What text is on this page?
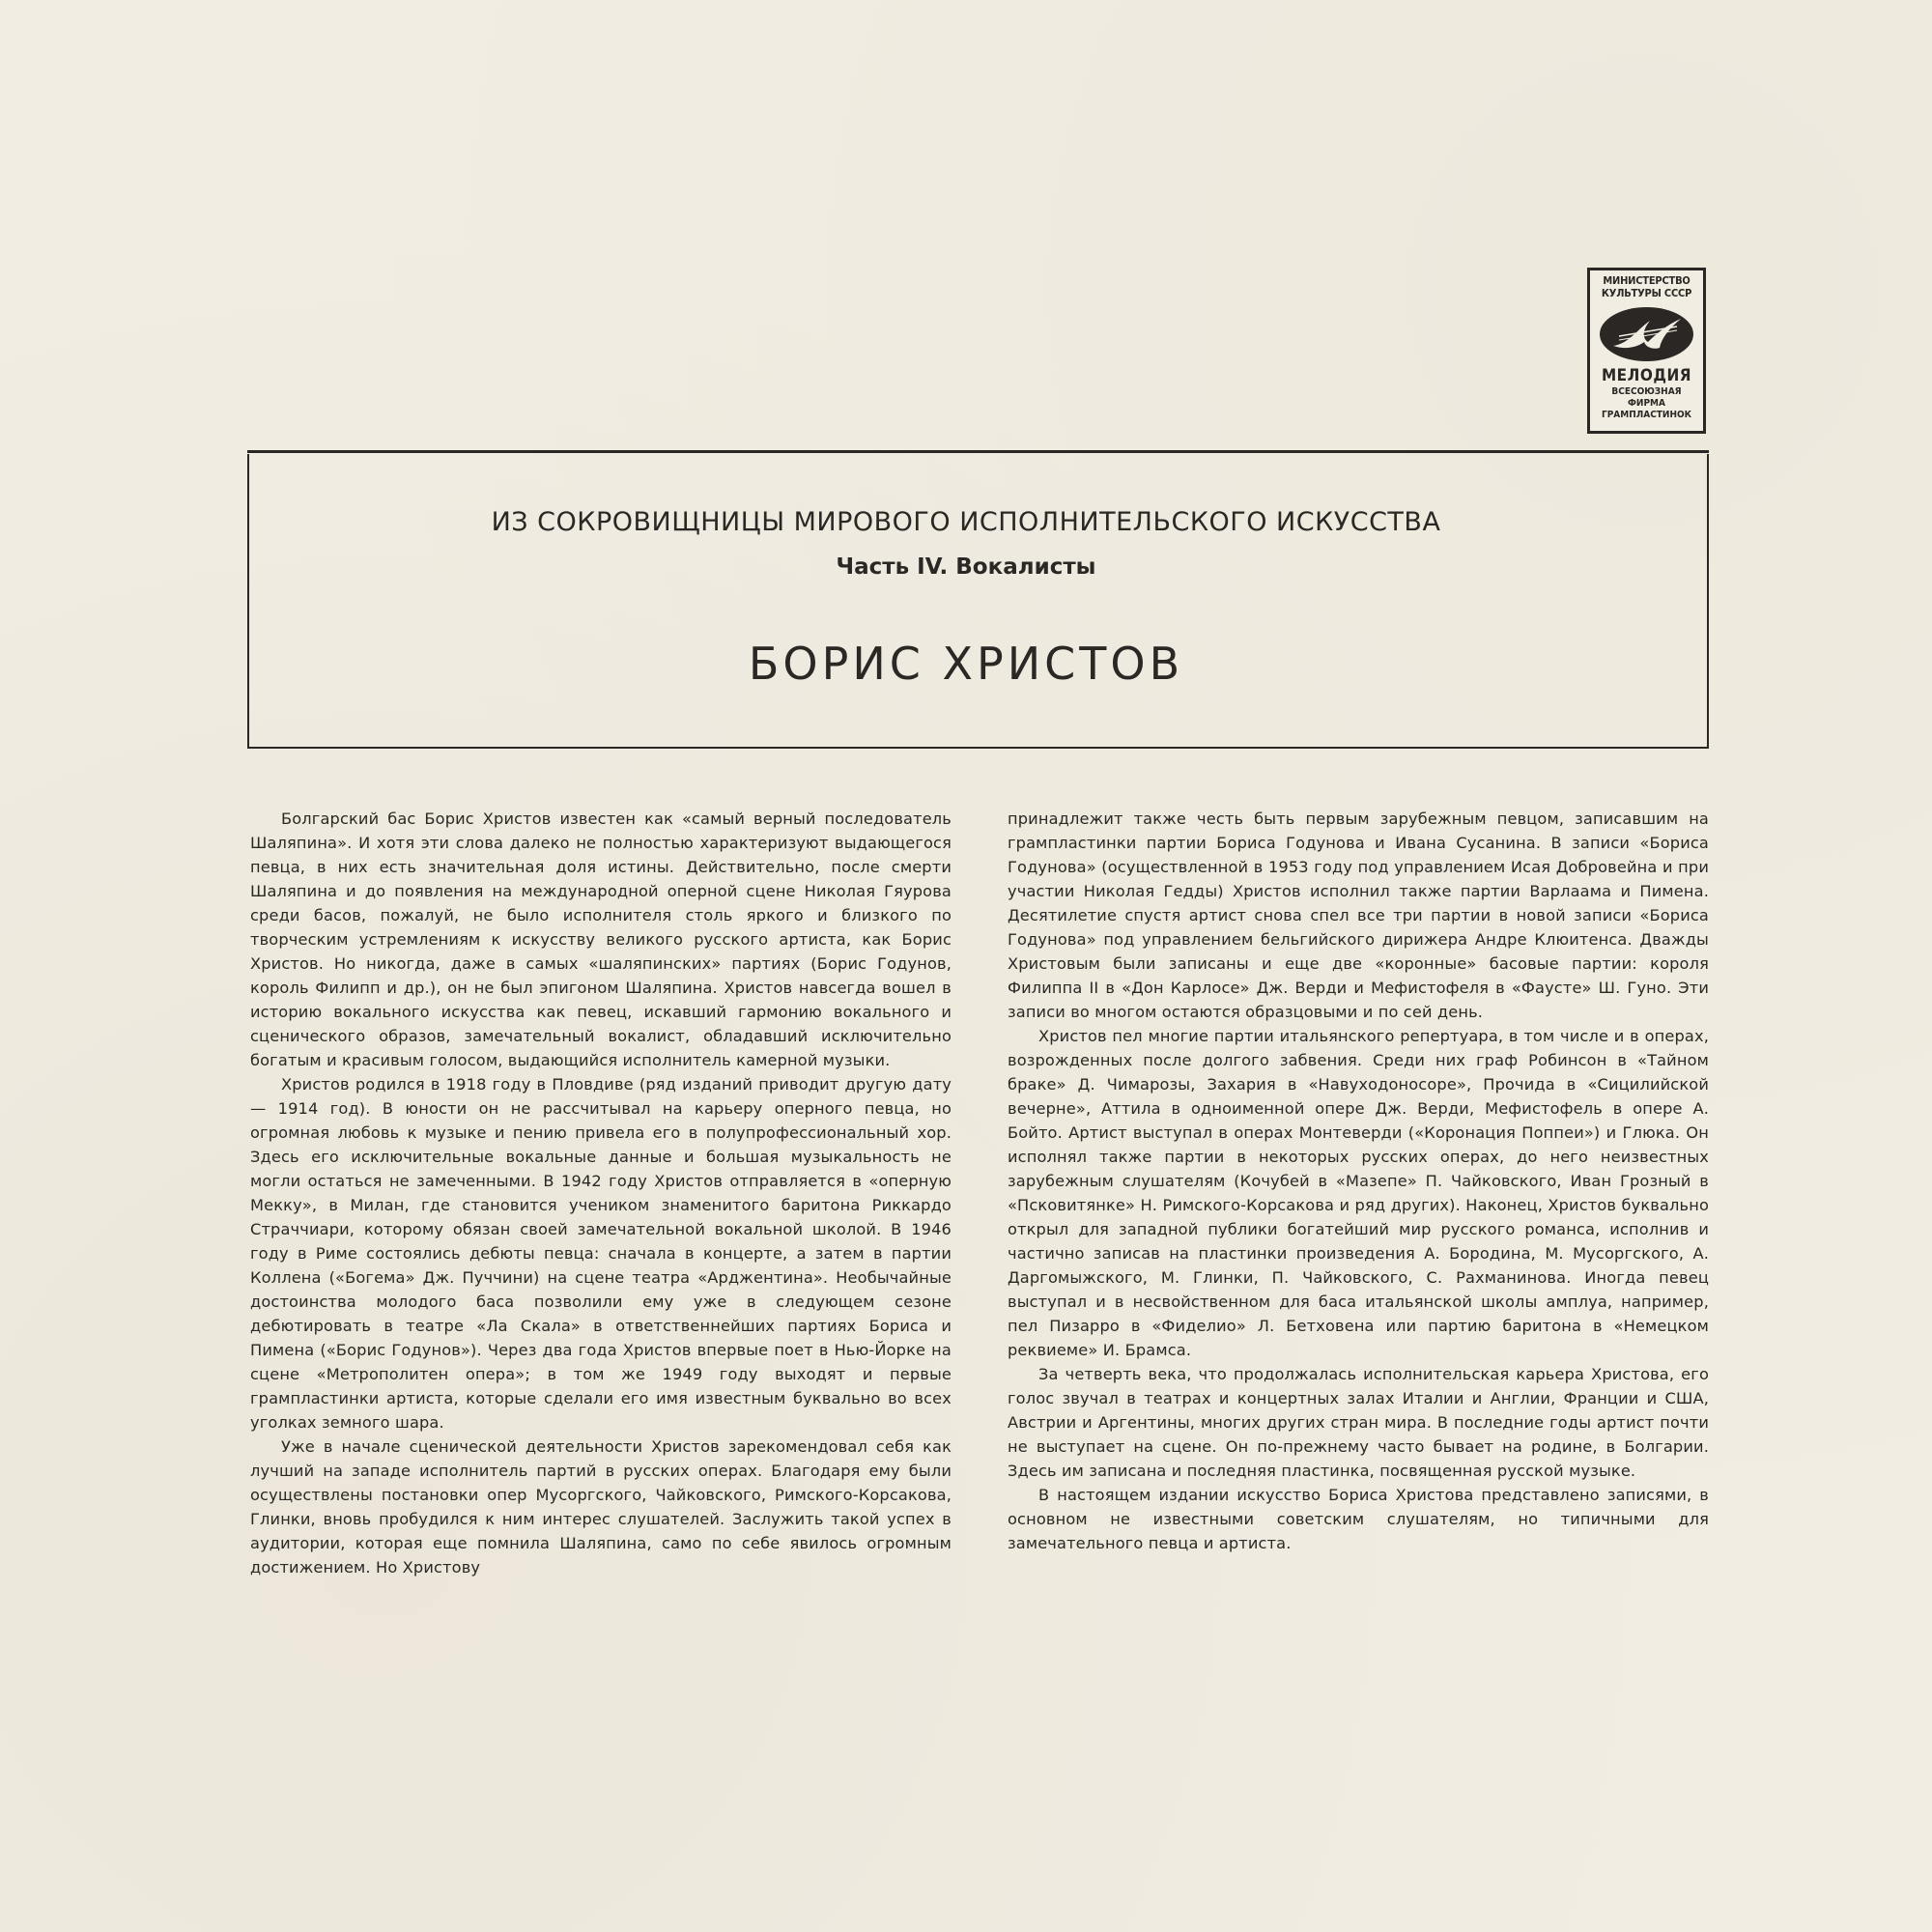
МИНИСТЕРСТВО
КУЛЬТУРЫ СССР
МЕЛОДИЯ
ВСЕСОЮЗНАЯ
ФИРМА
ГРАМПЛАСТИНОК
ИЗ СОКРОВИЩНИЦЫ МИРОВОГО ИСПОЛНИТЕЛЬСКОГО ИСКУССТВА
Часть IV. Вокалисты
БОРИС ХРИСТОВ

Болгарский бас Борис Христов известен как «самый верный последователь Шаляпина». И хотя эти слова далеко не полностью характеризуют выдающегося певца, в них есть значительная доля истины. Действительно, после смерти Шаляпина и до появления на международной оперной сцене Николая Гяурова среди басов, пожалуй, не было исполнителя столь яркого и близкого по творческим устремлениям к искусству великого русского артиста, как Борис Христов. Но никогда, даже в самых «шаляпинских» партиях (Борис Годунов, король Филипп и др.), он не был эпигоном Шаляпина. Христов навсегда вошел в историю вокального искусства как певец, искавший гармонию вокального и сценического образов, замечательный вокалист, обладавший исключительно богатым и красивым голосом, выдающийся исполнитель камерной музыки.

Христов родился в 1918 году в Пловдиве (ряд изданий приводит другую дату — 1914 год). В юности он не рассчитывал на карьеру оперного певца, но огромная любовь к музыке и пению привела его в полупрофессиональный хор. Здесь его исключительные вокальные данные и большая музыкальность не могли остаться не замеченными. В 1942 году Христов отправляется в «оперную Мекку», в Милан, где становится учеником знаменитого баритона Риккардо Страччиари, которому обязан своей замечательной вокальной школой. В 1946 году в Риме состоялись дебюты певца: сначала в концерте, а затем в партии Коллена («Богема» Дж. Пуччини) на сцене театра «Арджентина». Необычайные достоинства молодого баса позволили ему уже в следующем сезоне дебютировать в театре «Ла Скала» в ответственнейших партиях Бориса и Пимена («Борис Годунов»). Через два года Христов впервые поет в Нью-Йорке на сцене «Метрополитен опера»; в том же 1949 году выходят и первые грампластинки артиста, которые сделали его имя известным буквально во всех уголках земного шара.

Уже в начале сценической деятельности Христов зарекомендовал себя как лучший на западе исполнитель партий в русских операх. Благодаря ему были осуществлены постановки опер Мусоргского, Чайковского, Римского-Корсакова, Глинки, вновь пробудился к ним интерес слушателей. Заслужить такой успех в аудитории, которая еще помнила Шаляпина, само по себе явилось огромным достижением. Но Христову

принадлежит также честь быть первым зарубежным певцом, записавшим на грампластинки партии Бориса Годунова и Ивана Сусанина. В записи «Бориса Годунова» (осуществленной в 1953 году под управлением Исая Добровейна и при участии Николая Гедды) Христов исполнил также партии Варлаама и Пимена. Десятилетие спустя артист снова спел все три партии в новой записи «Бориса Годунова» под управлением бельгийского дирижера Андре Клюитенса. Дважды Христовым были записаны и еще две «коронные» басовые партии: короля Филиппа II в «Дон Карлосе» Дж. Верди и Мефистофеля в «Фаусте» Ш. Гуно. Эти записи во многом остаются образцовыми и по сей день.

Христов пел многие партии итальянского репертуара, в том числе и в операх, возрожденных после долгого забвения. Среди них граф Робинсон в «Тайном браке» Д. Чимарозы, Захария в «Навуходоносоре», Прочида в «Сицилийской вечерне», Аттила в одноименной опере Дж. Верди, Мефистофель в опере А. Бойто. Артист выступал в операх Монтеверди («Коронация Поппеи») и Глюка. Он исполнял также партии в некоторых русских операх, до него неизвестных зарубежным слушателям (Кочубей в «Мазепе» П. Чайковского, Иван Грозный в «Псковитянке» Н. Римского-Корсакова и ряд других). Наконец, Христов буквально открыл для западной публики богатейший мир русского романса, исполнив и частично записав на пластинки произведения А. Бородина, М. Мусоргского, А. Даргомыжского, М. Глинки, П. Чайковского, С. Рахманинова. Иногда певец выступал и в несвойственном для баса итальянской школы амплуа, например, пел Пизарро в «Фиделио» Л. Бетховена или партию баритона в «Немецком реквиеме» И. Брамса.

За четверть века, что продолжалась исполнительская карьера Христова, его голос звучал в театрах и концертных залах Италии и Англии, Франции и США, Австрии и Аргентины, многих других стран мира. В последние годы артист почти не выступает на сцене. Он по-прежнему часто бывает на родине, в Болгарии. Здесь им записана и последняя пластинка, посвященная русской музыке.

В настоящем издании искусство Бориса Христова представлено записями, в основном не известными советским слушателям, но типичными для замечательного певца и артиста.
